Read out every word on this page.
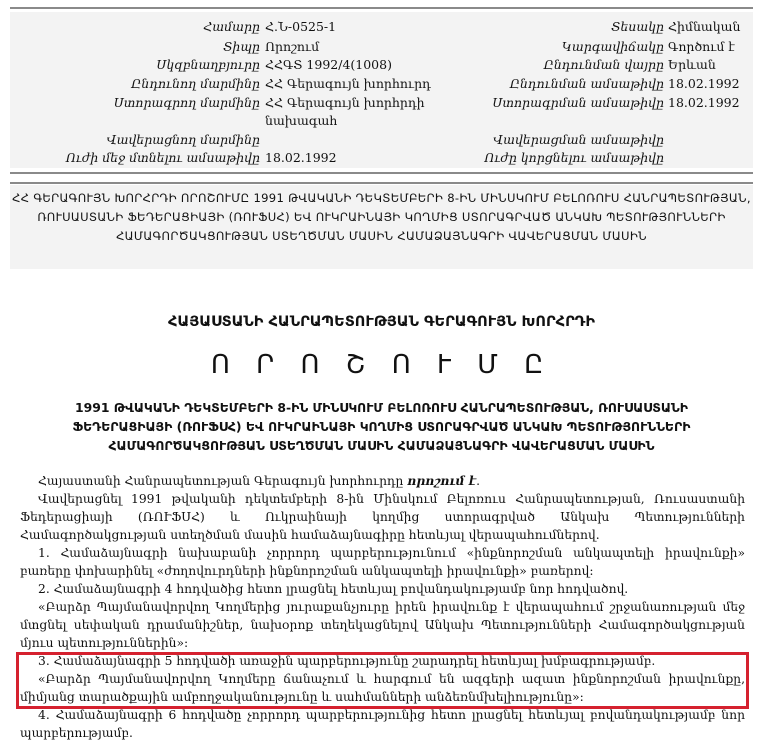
Համարը Հ.Ն-0525-1
Տիպը Որոշում
Սկզբնաղբյուրը ՀՀԳՏ 1992/4(1008)
Ընդունող մարմինը ՀՀ Գերագույն խորհուրդ
Ստորագրող մարմինը ՀՀ Գերագույն խորհրդի
նախագահ
Վավերացնող մարմինը
Ուժի մեջ մտնելու ամսաթիվը 18.02.1992
Տեսակը Հիմնական
Կարգավիճակը Գործում է
Ընդունման վայրը Երևան
Ընդունման ամսաթիվը 18.02.1992
Ստորագրման ամսաթիվը 18.02.1992
Վավերացման ամսաթիվը
Ուժը կորցնելու ամսաթիվը
ՀՀ ԳԵՐԱԳՈՒՅՆ ԽՈՐՀՐԴԻ ՈՐՈՇՈՒՄԸ 1991 ԹՎԱԿԱՆԻ ԴԵԿՏԵՄԲԵՐԻ 8-ԻՆ ՄԻՆՍԿՈՒՄ ԲԵԼՈՌՈՒՍ ՀԱՆՐԱՊԵՏՈՒԹՅԱՆ, ՌՈՒՍԱՍՏԱՆԻ ՖԵԴԵՐԱՑԻԱՅԻ (ՌՈՒՖՍՀ) ԵՎ ՈՒԿՐԱԻՆԱՅԻ ԿՈՂՄԻՑ ՍՏՈՐԱԳՐՎԱԾ ԱՆԿԱԽ ՊԵՏՈՒԹՅՈՒՆՆԵՐԻ ՀԱՄԱԳՈՐԾԱԿՑՈՒԹՅԱՆ ՍՏԵՂԾՄԱՆ ՄԱՍԻՆ ՀԱՄԱՁԱՅՆԱԳՐԻ ՎԱՎԵՐԱՑՄԱՆ ՄԱՍԻՆ
ՀԱՅԱՍՏԱՆԻ ՀԱՆՐԱՊԵՏՈՒԹՅԱՆ ԳԵՐԱԳՈՒՅՆ ԽՈՐՀՐԴԻ
Ո Ր Ո Շ Ո Ւ Մ Ը
1991 ԹՎԱԿԱՆԻ ԴԵԿՏԵՄԲԵՐԻ 8-ԻՆ ՄԻՆՍԿՈՒՄ ԲԵԼՈՌՈՒՍ ՀԱՆՐԱՊԵՏՈՒԹՅԱՆ, ՌՈՒՍԱՍՏԱՆԻ ՖԵԴԵՐԱՑԻԱՅԻ (ՌՈՒՖՍՀ) ԵՎ ՈՒԿՐԱԻՆԱՅԻ ԿՈՂՄԻՑ ՍՏՈՐԱԳՐՎԱԾ ԱՆԿԱԽ ՊԵՏՈՒԹՅՈՒՆՆԵՐԻ ՀԱՄԱԳՈՐԾԱԿՑՈՒԹՅԱՆ ՍՏԵՂԾՄԱՆ ՄԱՍԻՆ ՀԱՄԱՁԱՅՆԱԳՐԻ ՎԱՎԵՐԱՑՄԱՆ ՄԱՍԻՆ

Հայաստանի Հանրապետության Գերագույն խորհուրդը որոշում է.

Վավերացնել 1991 թվականի դեկտեմբերի 8-ին Մինսկում Բելոռուս Հանրապետության, Ռուսաստանի Ֆեդերացիայի (ՌՈՒՖՍՀ) և Ուկրաինայի կողմից ստորագրված Անկախ Պետությունների Համագործակցության ստեղծման մասին համաձայնագիրը հետևյալ վերապահումներով.

1. Համաձայնագրի նախաբանի չորրորդ պարբերությունում «ինքնորոշման անկապտելի իրավունքի» բառերը փոխարինել «ժողովուրդների ինքնորոշման անկապտելի իրավունքի» բառերով:

2. Համաձայնագրի 4 հոդվածից հետո լրացնել հետևյալ բովանդակությամբ նոր հոդվածով.

«Բարձր Պայմանավորվող Կողմերից յուրաքանչյուրը իրեն իրավունք է վերապահում շրջանառության մեջ մտցնել սեփական դրամանիշներ, նախօրոք տեղեկացնելով Անկախ Պետությունների Համագործակցության մյուս պետություններին»:

3. Համաձայնագրի 5 հոդվածի առաջին պարբերությունը շարադրել հետևյալ խմբագրությամբ.

«Բարձր Պայմանավորվող Կողմերը ճանաչում և հարգում են ազգերի ազատ ինքնորոշման իրավունքը, միմյանց տարածքային ամբողջականությունը և սահմանների անձեռնմխելիությունը»:

4. Համաձայնագրի 6 հոդվածը չորրորդ պարբերությունից հետո լրացնել հետևյալ բովանդակությամբ նոր պարբերությամբ.
